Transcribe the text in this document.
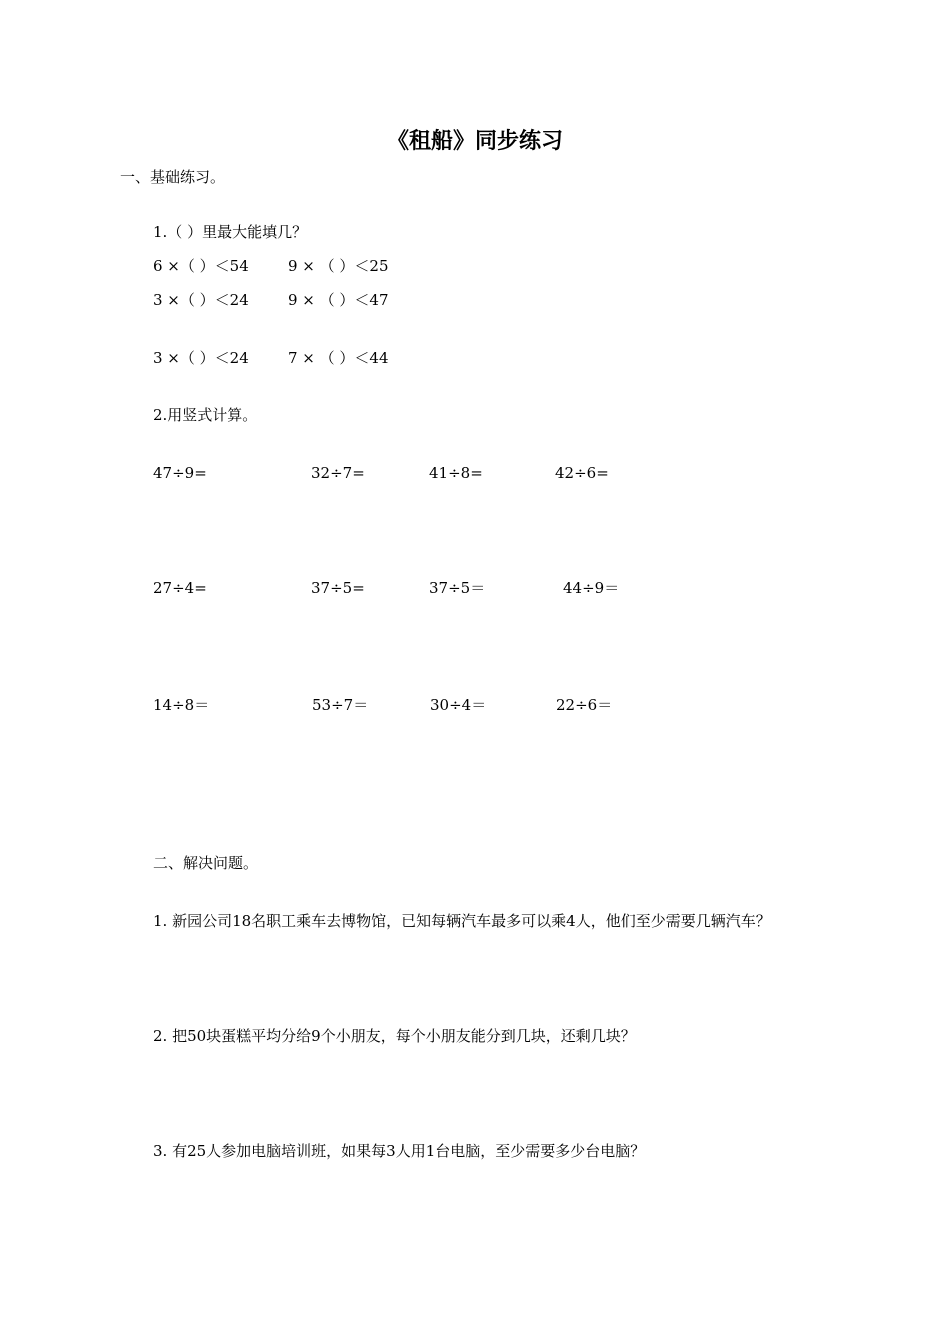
《租船》同步练习
一、基础练习。
1.（ ）里最大能填几？
6 ×（ ）＜54	9 × （ ）＜25
3 ×（ ）＜24	9 × （ ）＜47
3 ×（ ）＜24	7 × （ ）＜44
2.用竖式计算。
47÷9=	32÷7=	41÷8=	42÷6=
27÷4=	37÷5=	37÷5＝	44÷9＝
14÷8＝	53÷7＝	30÷4＝	22÷6＝
二、解决问题。
1. 新园公司18名职工乘车去博物馆，已知每辆汽车最多可以乘4人，他们至少需要几辆汽车？
2. 把50块蛋糕平均分给9个小朋友，每个小朋友能分到几块，还剩几块？
3. 有25人参加电脑培训班，如果每3人用1台电脑，至少需要多少台电脑？
